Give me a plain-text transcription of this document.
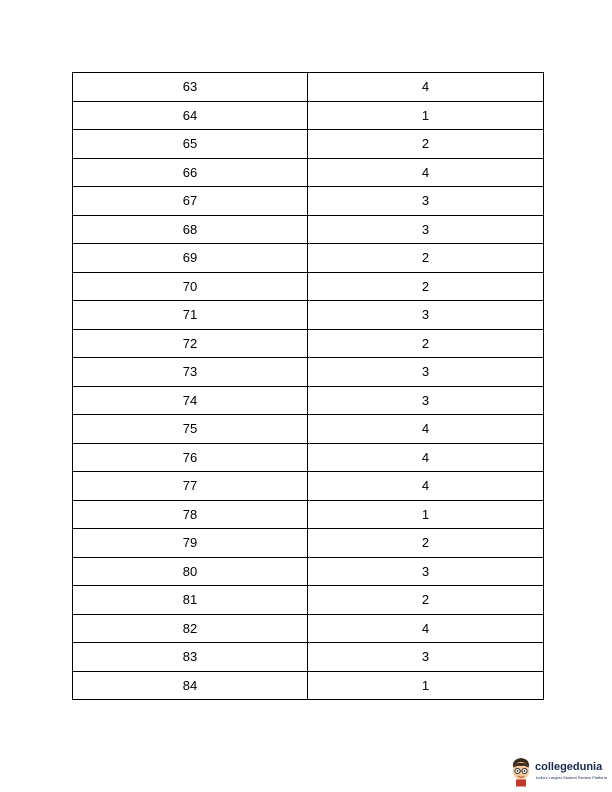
63	4
64	1
65	2
66	4
67	3
68	3
69	2
70	2
71	3
72	2
73	3
74	3
75	4
76	4
77	4
78	1
79	2
80	3
81	2
82	4
83	3
84	1
collegedunia
India's Largest Student Review Platform
